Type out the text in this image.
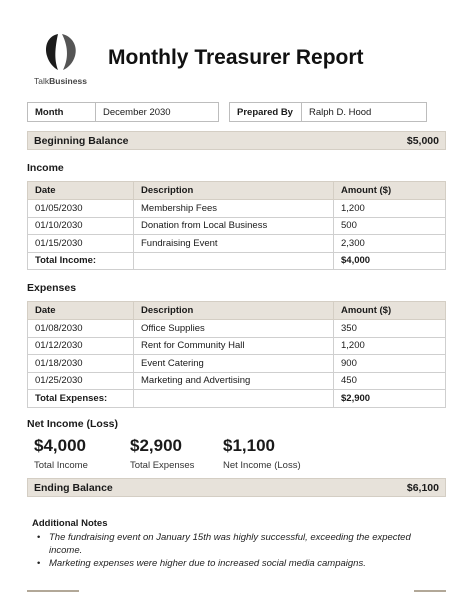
TalkBusiness
Monthly Treasurer Report
Month	December 2030	Prepared By	Ralph D. Hood
Beginning Balance	$5,000
Income
Date	Description	Amount ($)
01/05/2030	Membership Fees	1,200
01/10/2030	Donation from Local Business	500
01/15/2030	Fundraising Event	2,300
Total Income:		$4,000
Expenses
Date	Description	Amount ($)
01/08/2030	Office Supplies	350
01/12/2030	Rent for Community Hall	1,200
01/18/2030	Event Catering	900
01/25/2030	Marketing and Advertising	450
Total Expenses:		$2,900
Net Income (Loss)
$4,000
Total Income
$2,900
Total Expenses
$1,100
Net Income (Loss)
Ending Balance	$6,100
Additional Notes
• The fundraising event on January 15th was highly successful, exceeding the expected income.
• Marketing expenses were higher due to increased social media campaigns.
